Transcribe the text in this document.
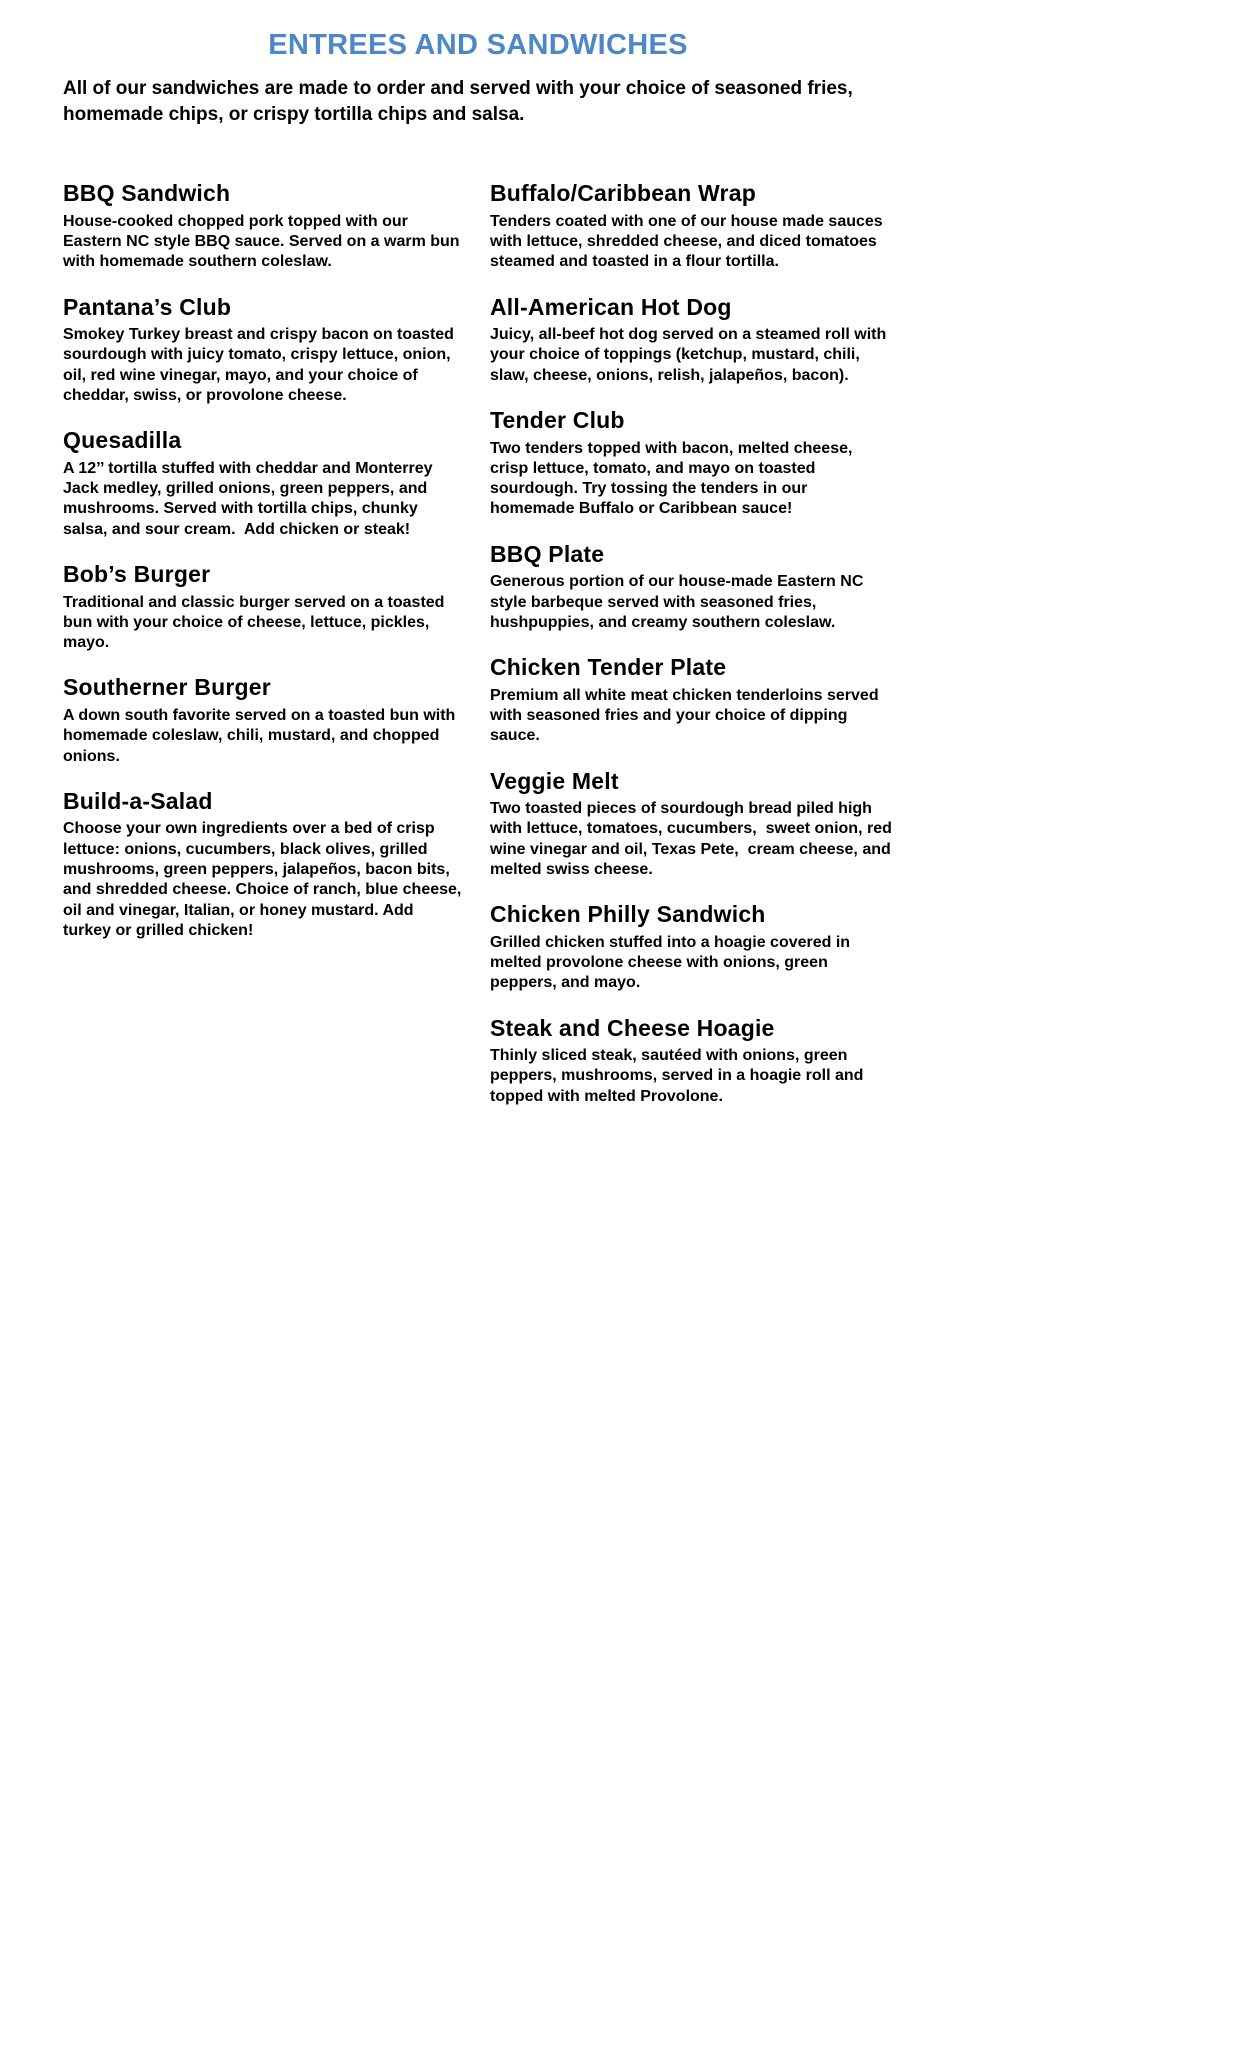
ENTREES AND SANDWICHES

All of our sandwiches are made to order and served with your choice of seasoned fries, homemade chips, or crispy tortilla chips and salsa.

BBQ Sandwich

House-cooked chopped pork topped with our Eastern NC style BBQ sauce. Served on a warm bun with homemade southern coleslaw.

Pantana’s Club

Smokey Turkey breast and crispy bacon on toasted sourdough with juicy tomato, crispy lettuce, onion, oil, red wine vinegar, mayo, and your choice of cheddar, swiss, or provolone cheese.

Quesadilla

A 12’’ tortilla stuffed with cheddar and Monterrey Jack medley, grilled onions, green peppers, and mushrooms. Served with tortilla chips, chunky salsa, and sour cream.  Add chicken or steak!

Bob’s Burger

Traditional and classic burger served on a toasted bun with your choice of cheese, lettuce, pickles, mayo.

Southerner Burger

A down south favorite served on a toasted bun with homemade coleslaw, chili, mustard, and chopped onions.

Build-a-Salad

Choose your own ingredients over a bed of crisp lettuce: onions, cucumbers, black olives, grilled mushrooms, green peppers, jalapeños, bacon bits, and shredded cheese. Choice of ranch, blue cheese, oil and vinegar, Italian, or honey mustard. Add turkey or grilled chicken!

Buffalo/Caribbean Wrap

Tenders coated with one of our house made sauces with lettuce, shredded cheese, and diced tomatoes steamed and toasted in a flour tortilla.

All-American Hot Dog

Juicy, all-beef hot dog served on a steamed roll with your choice of toppings (ketchup, mustard, chili, slaw, cheese, onions, relish, jalapeños, bacon).

Tender Club

Two tenders topped with bacon, melted cheese, crisp lettuce, tomato, and mayo on toasted sourdough. Try tossing the tenders in our homemade Buffalo or Caribbean sauce!

BBQ Plate

Generous portion of our house-made Eastern NC style barbeque served with seasoned fries, hushpuppies, and creamy southern coleslaw.

Chicken Tender Plate

Premium all white meat chicken tenderloins served with seasoned fries and your choice of dipping sauce.

Veggie Melt

Two toasted pieces of sourdough bread piled high with lettuce, tomatoes, cucumbers,  sweet onion, red wine vinegar and oil, Texas Pete,  cream cheese, and melted swiss cheese.

Chicken Philly Sandwich

Grilled chicken stuffed into a hoagie covered in melted provolone cheese with onions, green peppers, and mayo.

Steak and Cheese Hoagie

Thinly sliced steak, sautéed with onions, green peppers, mushrooms, served in a hoagie roll and topped with melted Provolone.
